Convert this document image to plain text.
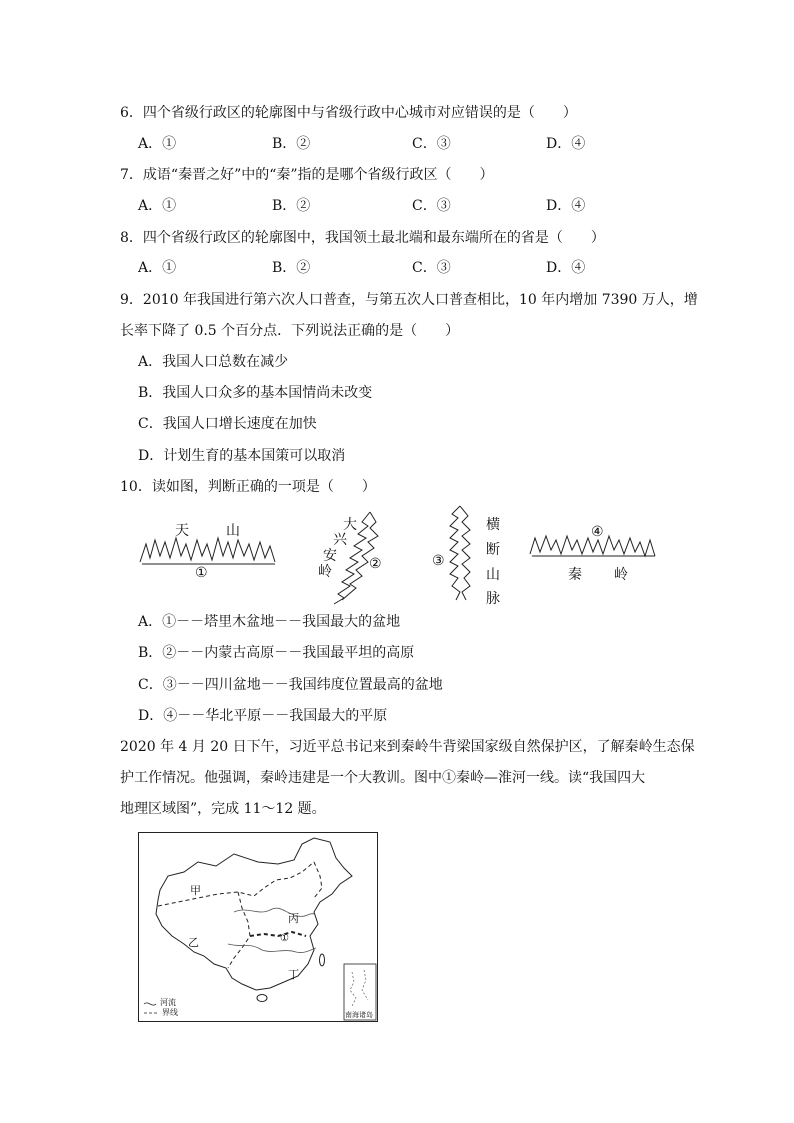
6．四个省级行政区的轮廓图中与省级行政中心城市对应错误的是（　　）
A．①	B．②	C．③	D．④
7．成语“秦晋之好”中的“秦”指的是哪个省级行政区（　　）
A．①	B．②	C．③	D．④
8．四个省级行政区的轮廓图中，我国领土最北端和最东端所在的省是（　　）
A．①	B．②	C．③	D．④
9．2010 年我国进行第六次人口普查，与第五次人口普查相比，10 年内增加 7390 万人，增
长率下降了 0.5 个百分点．下列说法正确的是（　　）
A．我国人口总数在减少
B．我国人口众多的基本国情尚未改变
C．我国人口增长速度在加快
D．计划生育的基本国策可以取消
10．读如图，判断正确的一项是（　　）
天	山
①
大
兴
安
岭	②	③
横
断
山
脉
④
秦 岭
A．①－－塔里木盆地－－我国最大的盆地
B．②－－内蒙古高原－－我国最平坦的高原
C．③－－四川盆地－－我国纬度位置最高的盆地
D．④－－华北平原－－我国最大的平原
2020 年 4 月 20 日下午，习近平总书记来到秦岭牛背梁国家级自然保护区，了解秦岭生态保
护工作情况。他强调，秦岭违建是一个大教训。图中①秦岭—淮河一线。读“我国四大
地理区域图”，完成 11～12 题。
甲
乙
丙
丁
①
河流
界线	南海诸岛
